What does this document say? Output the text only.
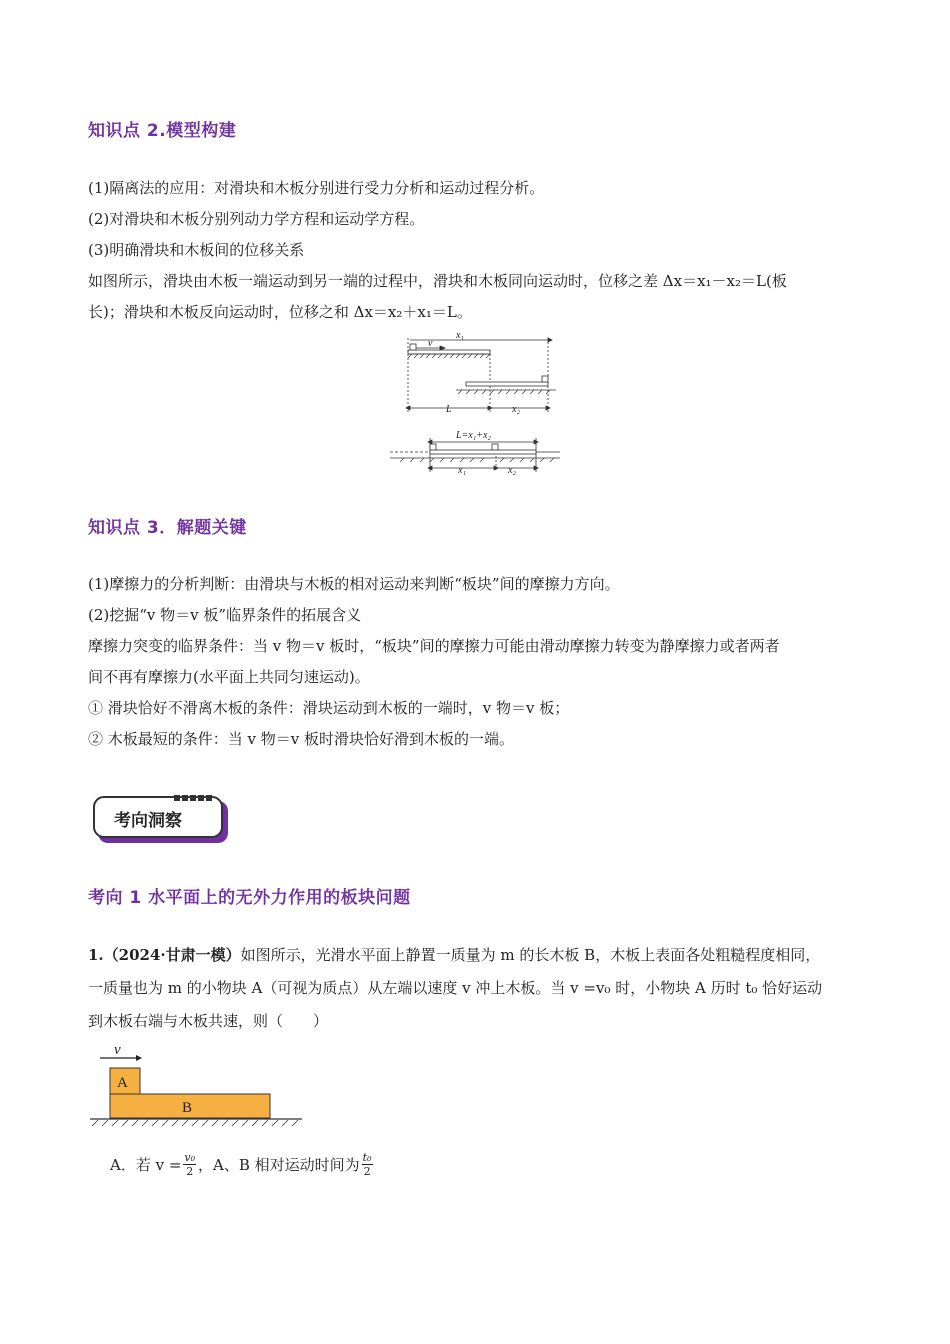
知识点 2.模型构建

(1)隔离法的应用：对滑块和木板分别进行受力分析和运动过程分析。

(2)对滑块和木板分别列动力学方程和运动学方程。

(3)明确滑块和木板间的位移关系

如图所示，滑块由木板一端运动到另一端的过程中，滑块和木板同向运动时，位移之差 Δx＝x₁－x₂＝L(板

长)；滑块和木板反向运动时，位移之和 Δx＝x₂＋x₁＝L。

v
x₁
L	x₂
L=x₁+x₂
x₁	x₂
知识点 3．解题关键

(1)摩擦力的分析判断：由滑块与木板的相对运动来判断“板块”间的摩擦力方向。

(2)挖掘“v 物＝v 板”临界条件的拓展含义

摩擦力突变的临界条件：当 v 物＝v 板时，“板块”间的摩擦力可能由滑动摩擦力转变为静摩擦力或者两者

间不再有摩擦力(水平面上共同匀速运动)。

① 滑块恰好不滑离木板的条件：滑块运动到木板的一端时，v 物＝v 板；

② 木板最短的条件：当 v 物＝v 板时滑块恰好滑到木板的一端。

考向洞察
考向 1 水平面上的无外力作用的板块问题
1.（2024·甘肃一模）如图所示，光滑水平面上静置一质量为 m 的长木板 B，木板上表面各处粗糙程度相同，
一质量也为 m 的小物块 A（可视为质点）从左端以速度 v 冲上木板。当 v =v₀ 时，小物块 A 历时 t₀ 恰好运动
到木板右端与木板共速，则（　　）
v
A
B
A．若 $v = \frac{\text{v₀}}{2}$ ，A、B 相对运动时间为 $\frac{\text{t₀}}{2}$
